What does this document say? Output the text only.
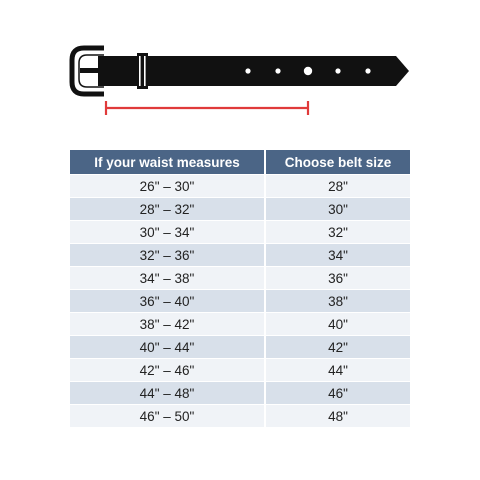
If your waist measures	Choose belt size
26" – 30"	28"
28" – 32"	30"
30" – 34"	32"
32" – 36"	34"
34" – 38"	36"
36" – 40"	38"
38" – 42"	40"
40" – 44"	42"
42" – 46"	44"
44" – 48"	46"
46" – 50"	48"
